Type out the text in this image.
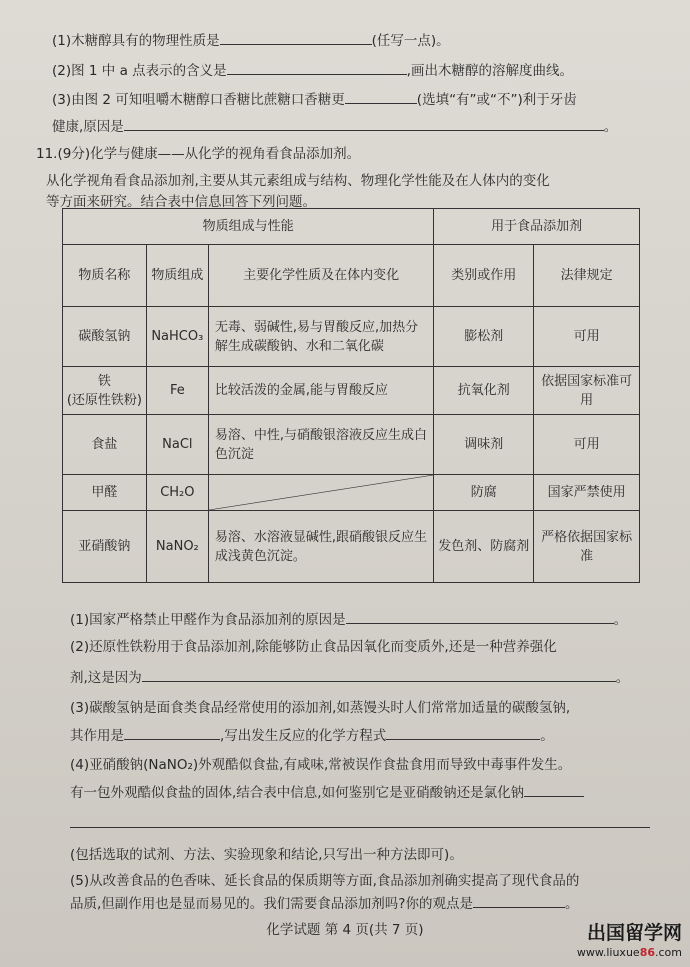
(1)木糖醇具有的物理性质是	(任写一点)。
(2)图 1 中 a 点表示的含义是	,画出木糖醇的溶解度曲线。
(3)由图 2 可知咀嚼木糖醇口香糖比蔗糖口香糖更	(选填“有”或“不”)利于牙齿
健康,原因是	。
11.(9分)化学与健康——从化学的视角看食品添加剂。
从化学视角看食品添加剂,主要从其元素组成与结构、物理化学性能及在人体内的变化
等方面来研究。结合表中信息回答下列问题。
物质组成与性能			用于食品添加剂	
物质名称	物质组成	主要化学性质及在体内变化	类别或作用	法律规定
碳酸氢钠	NaHCO₃	无毒、弱碱性,易与胃酸反应,加热分解生成碳酸钠、水和二氧化碳	膨松剂	可用
铁
(还原性铁粉)	Fe	比较活泼的金属,能与胃酸反应	抗氧化剂	依据国家标准可用
食盐	NaCl	易溶、中性,与硝酸银溶液反应生成白色沉淀	调味剂	可用
甲醛	CH₂O		防腐	国家严禁使用
亚硝酸钠	NaNO₂	易溶、水溶液显碱性,跟硝酸银反应生成浅黄色沉淀。	发色剂、防腐剂	严格依据国家标准
(1)国家严格禁止甲醛作为食品添加剂的原因是	。
(2)还原性铁粉用于食品添加剂,除能够防止食品因氧化而变质外,还是一种营养强化
剂,这是因为	。
(3)碳酸氢钠是面食类食品经常使用的添加剂,如蒸馒头时人们常常加适量的碳酸氢钠,
其作用是	,写出发生反应的化学方程式	。
(4)亚硝酸钠(NaNO₂)外观酷似食盐,有咸味,常被误作食盐食用而导致中毒事件发生。
有一包外观酷似食盐的固体,结合表中信息,如何鉴别它是亚硝酸钠还是氯化钠
(包括选取的试剂、方法、实验现象和结论,只写出一种方法即可)。
(5)从改善食品的色香味、延长食品的保质期等方面,食品添加剂确实提高了现代食品的
品质,但副作用也是显而易见的。我们需要食品添加剂吗?你的观点是	。
化学试题 第 4 页(共 7 页)	出国留学网
www.liuxue86.com
